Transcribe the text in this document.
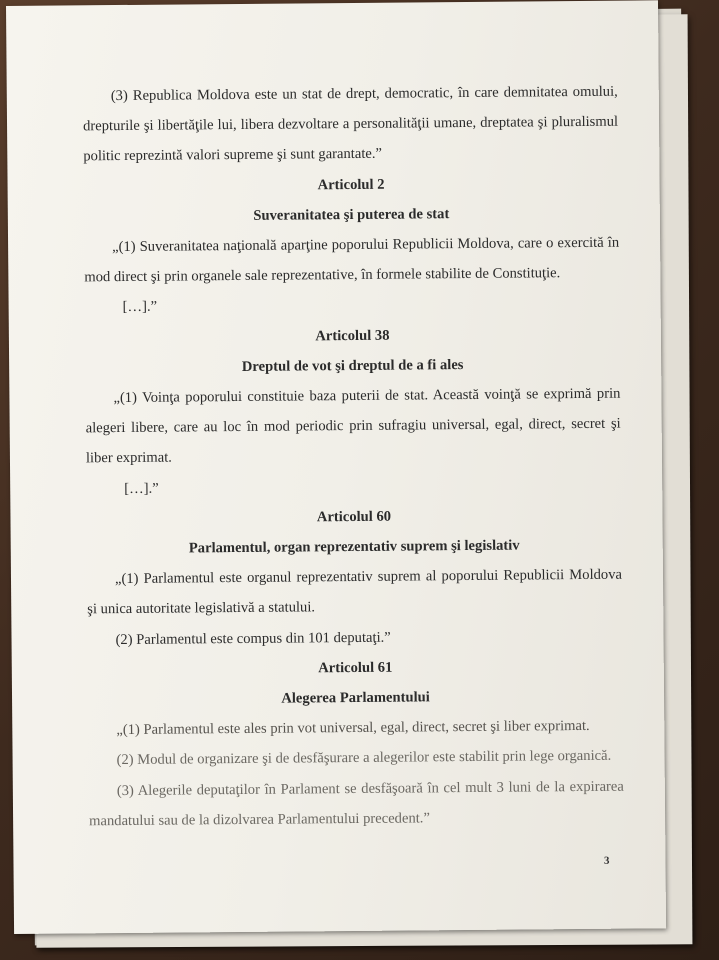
(3) Republica Moldova este un stat de drept, democratic, în care demnitatea omului, drepturile şi libertăţile lui, libera dezvoltare a personalităţii umane, dreptatea şi pluralismul politic reprezintă valori supreme şi sunt garantate.”

Articolul 2

Suveranitatea şi puterea de stat

„(1) Suveranitatea naţională aparţine poporului Republicii Moldova, care o exercită în mod direct şi prin organele sale reprezentative, în formele stabilite de Constituţie.

[…].”

Articolul 38

Dreptul de vot şi dreptul de a fi ales

„(1) Voinţa poporului constituie baza puterii de stat. Această voinţă se exprimă prin alegeri libere, care au loc în mod periodic prin sufragiu universal, egal, direct, secret şi liber exprimat.

[…].”

Articolul 60

Parlamentul, organ reprezentativ suprem şi legislativ

„(1) Parlamentul este organul reprezentativ suprem al poporului Republicii Moldova şi unica autoritate legislativă a statului.

(2) Parlamentul este compus din 101 deputaţi.”

Articolul 61

Alegerea Parlamentului

„(1) Parlamentul este ales prin vot universal, egal, direct, secret şi liber exprimat.

(2) Modul de organizare şi de desfăşurare a alegerilor este stabilit prin lege organică.

(3) Alegerile deputaţilor în Parlament se desfăşoară în cel mult 3 luni de la expirarea mandatului sau de la dizolvarea Parlamentului precedent.”

3
